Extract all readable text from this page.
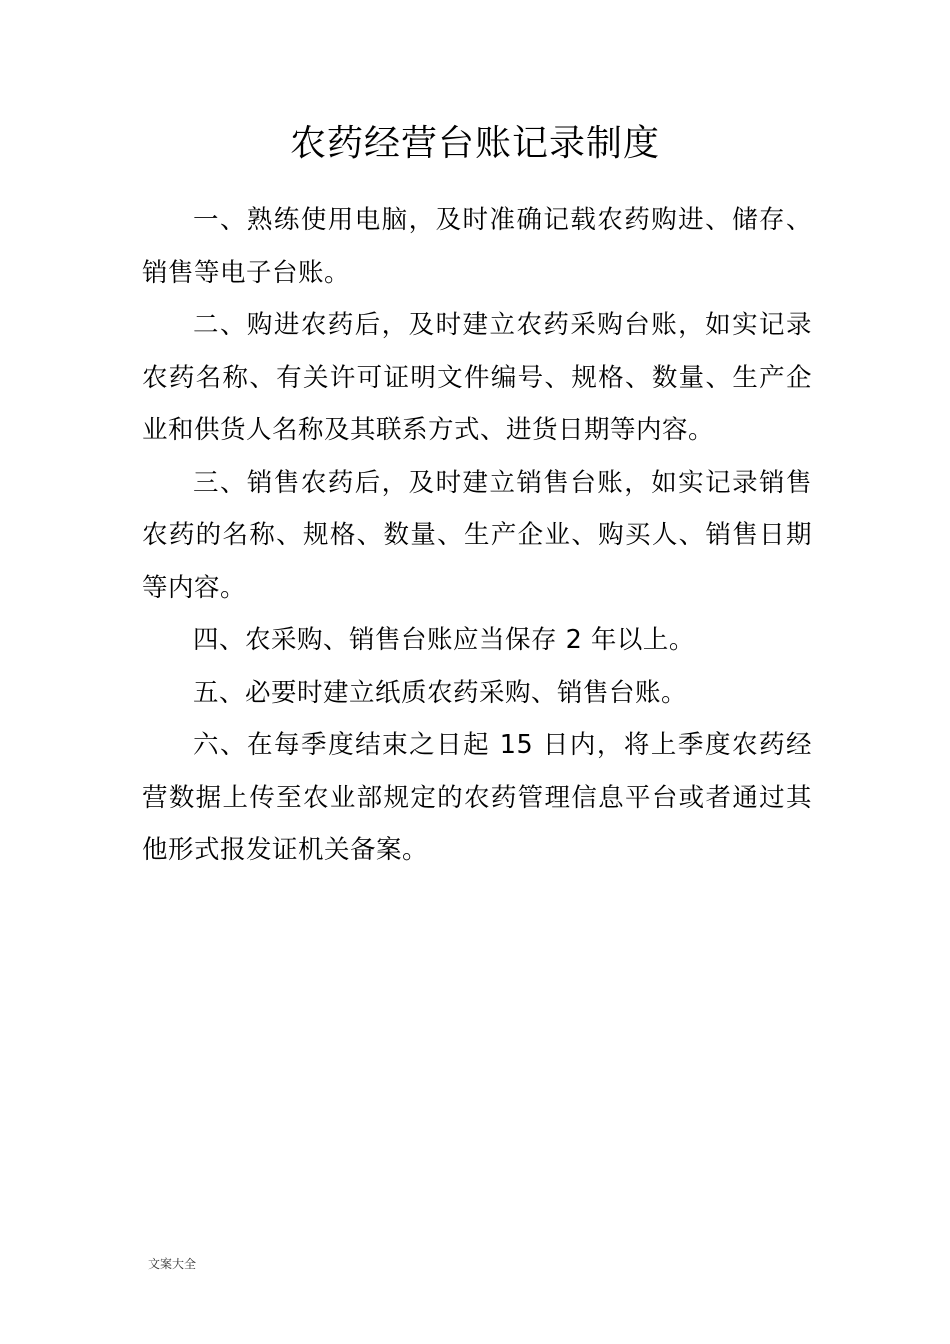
农药经营台账记录制度

一、熟练使用电脑，及时准确记载农药购进、储存、销售等电子台账。

二、购进农药后，及时建立农药采购台账，如实记录农药名称、有关许可证明文件编号、规格、数量、生产企业和供货人名称及其联系方式、进货日期等内容。

三、销售农药后，及时建立销售台账，如实记录销售农药的名称、规格、数量、生产企业、购买人、销售日期等内容。

四、农采购、销售台账应当保存 2 年以上。

五、必要时建立纸质农药采购、销售台账。

六、在每季度结束之日起 15 日内，将上季度农药经营数据上传至农业部规定的农药管理信息平台或者通过其他形式报发证机关备案。

文案大全
